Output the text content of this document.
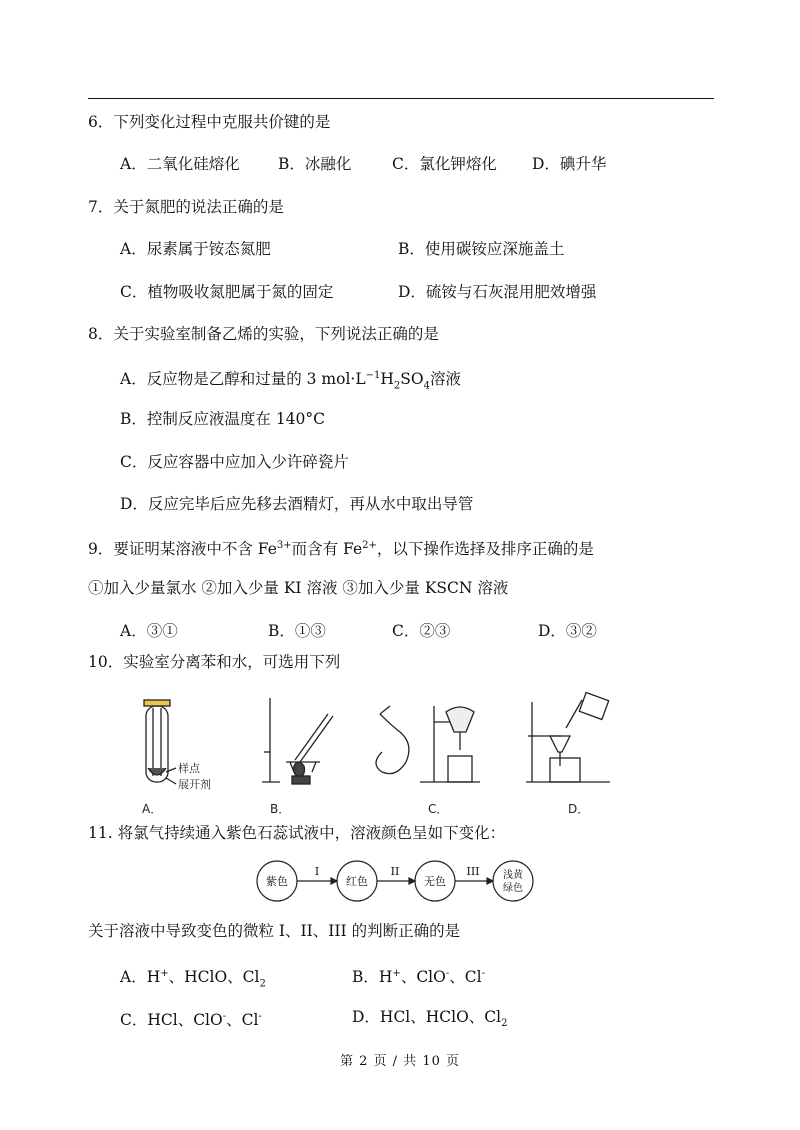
6．下列变化过程中克服共价键的是
A．二氧化硅熔化 B．冰融化	C．氯化钾熔化 D．碘升华
7．关于氮肥的说法正确的是
A．尿素属于铵态氮肥	B．使用碳铵应深施盖土
C．植物吸收氮肥属于氮的固定	D．硫铵与石灰混用肥效增强
8．关于实验室制备乙烯的实验，下列说法正确的是
A．反应物是乙醇和过量的 3 $mol\cdot L^{-1}H_2SO_4$溶液
B．控制反应液温度在 140°C
C．反应容器中应加入少许碎瓷片
D．反应完毕后应先移去酒精灯，再从水中取出导管
9．要证明某溶液中不含 $Fe^{3+}$而含有 $Fe^{2+}$，以下操作选择及排序正确的是
①加入少量氯水 ②加入少量 KI 溶液 ③加入少量 KSCN 溶液
A．③①	B．①③	C．②③	D．③②
10．实验室分离苯和水，可选用下列
样点
展开剂
A．	B．	C．	D．
11. 将氯气持续通入紫色石蕊试液中，溶液颜色呈如下变化：
紫色	红色	无色	浅黄
绿色
I	II	III
关于溶液中导致变色的微粒 I、II、III 的判断正确的是
A．H+、HClO、$Cl_2$	B．H+、ClO-、Cl-
C．HCl、ClO-、Cl-	D．HCl、HClO、$Cl_2$
第 2 页 / 共 10 页
